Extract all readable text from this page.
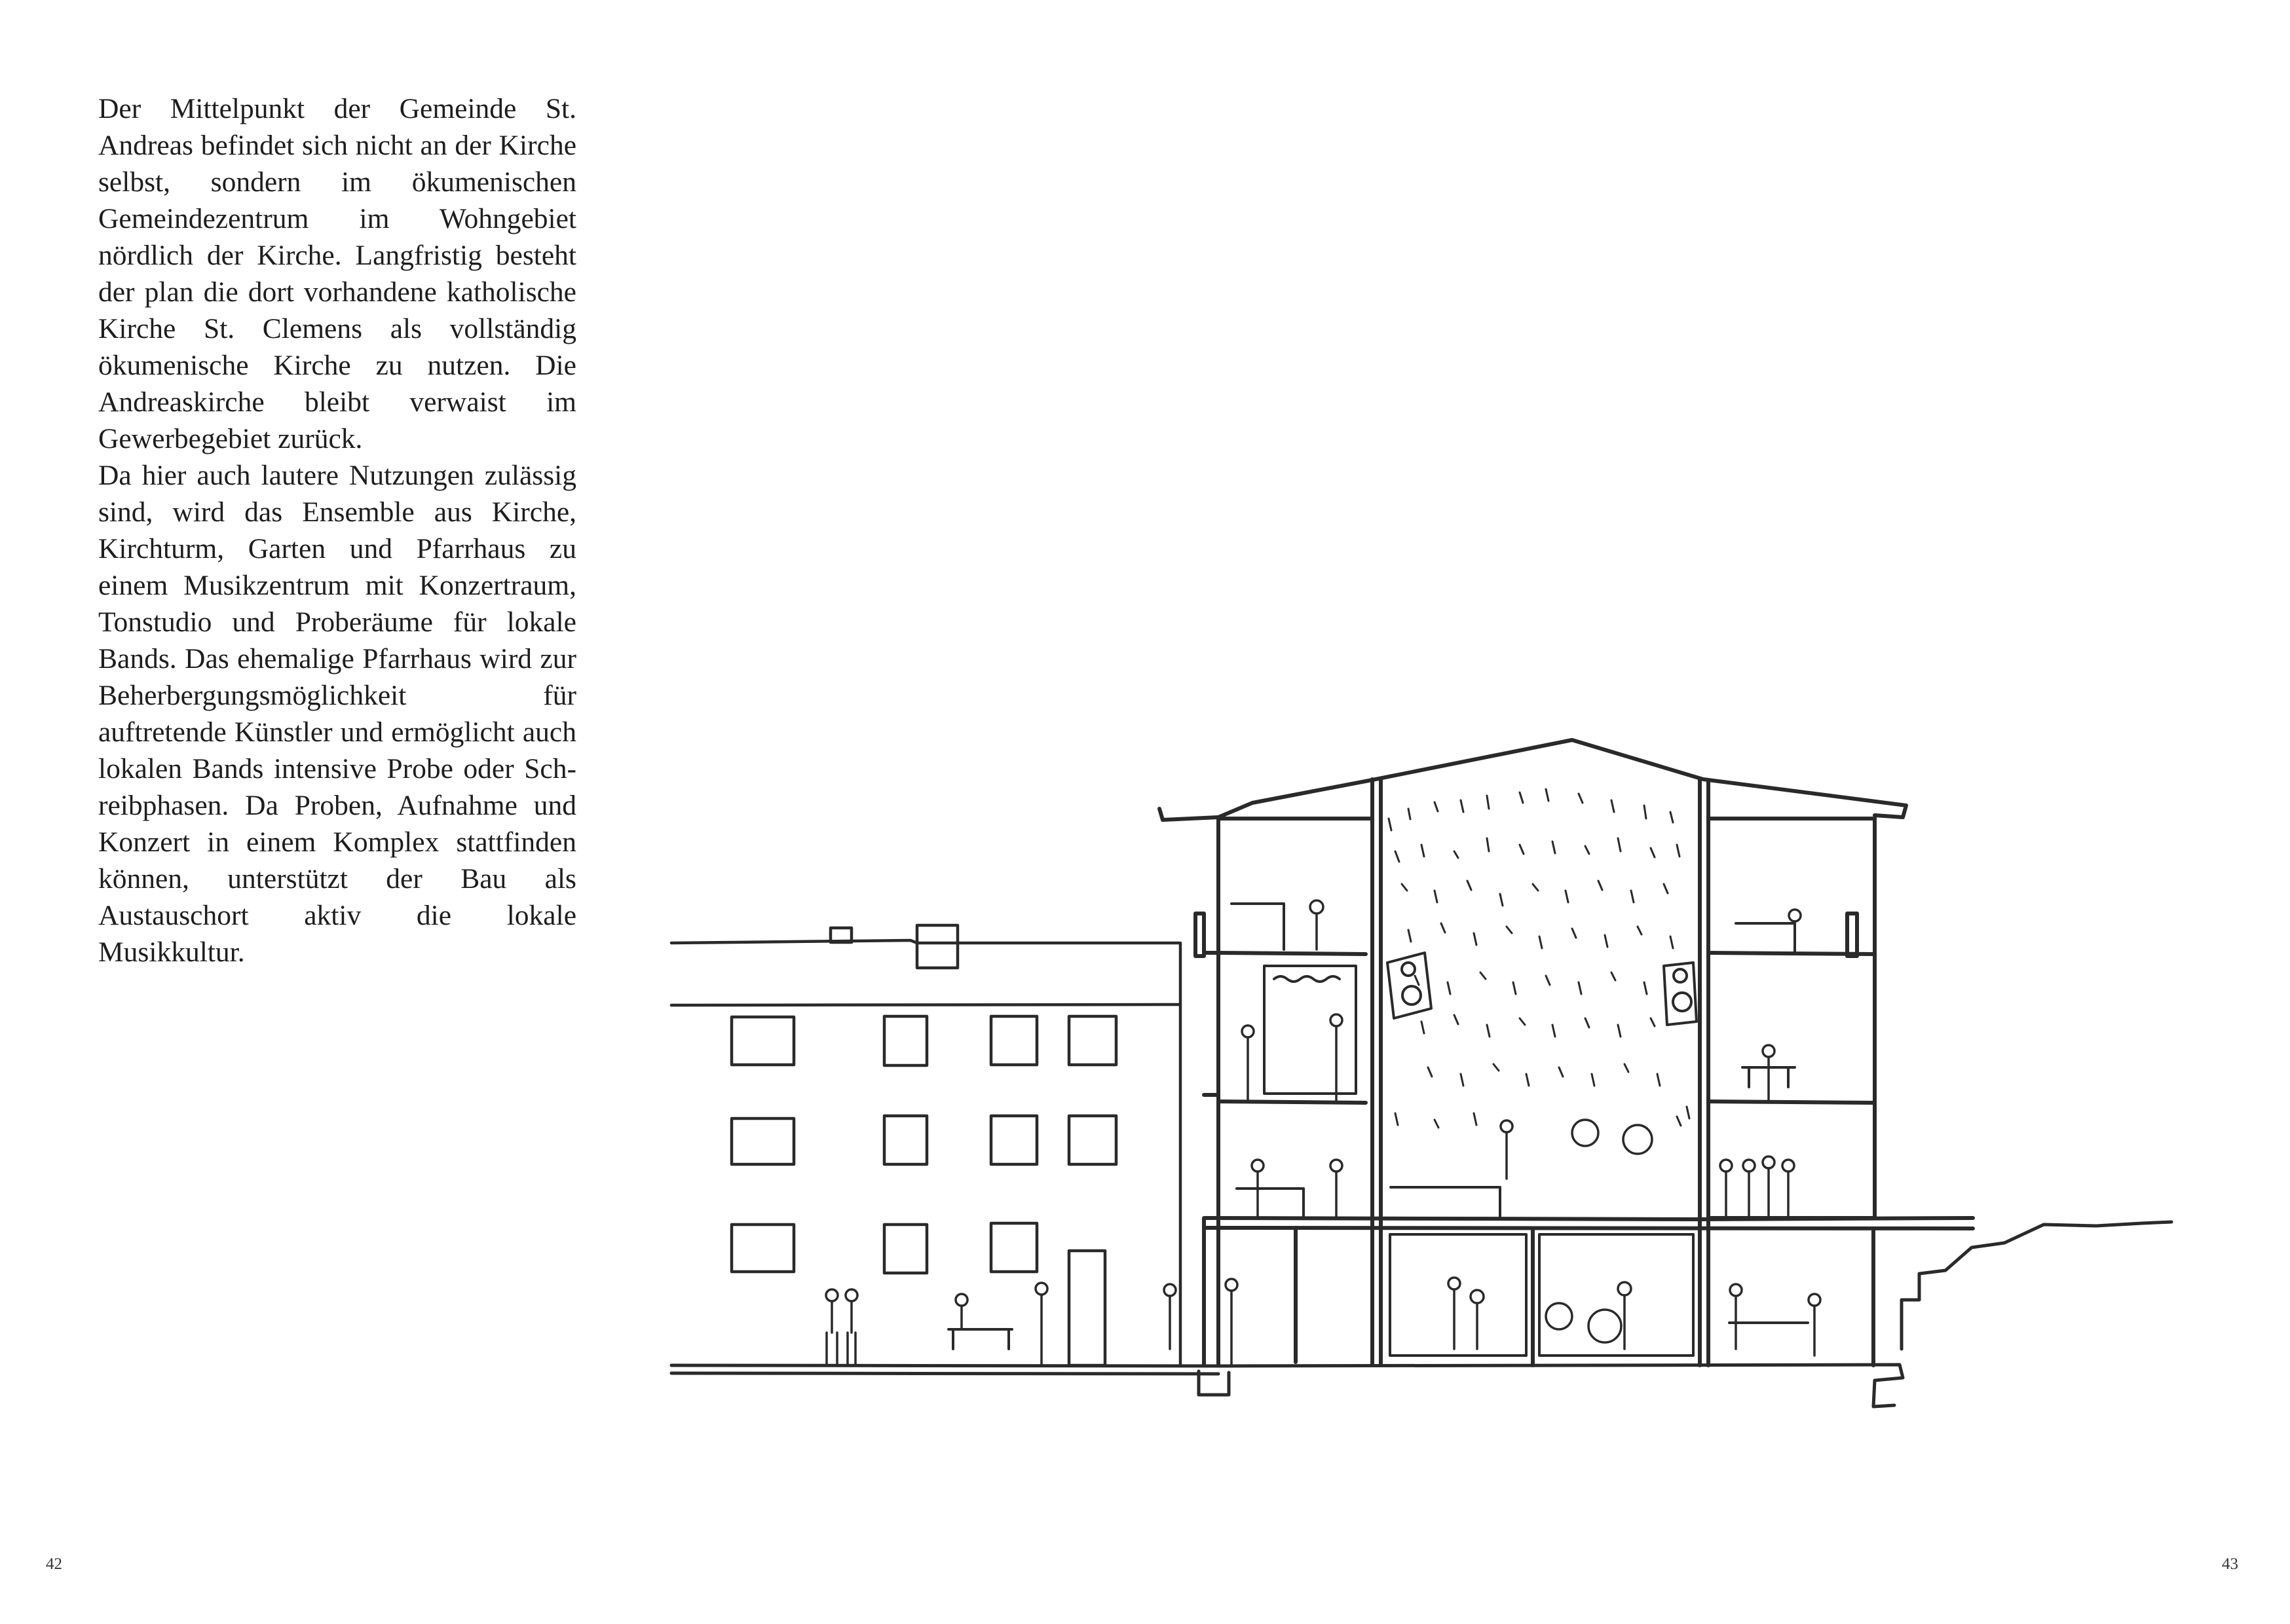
Der Mittelpunkt der Gemeinde St. Andreas befindet sich nicht an der Kirche selbst, sondern im ökumenischen Gemeindezentrum im Wohngebiet nördlich der Kirche. Langfristig besteht der plan die dort vorhandene katholische Kirche St. Clemens als vollständig ökumenische Kirche zu nutzen. Die Andreaskirche bleibt verwaist im Gewerbegebiet zurück.

Da hier auch lautere Nutzungen zulässig sind, wird das Ensemble aus Kirche, Kirchturm, Garten und Pfarrhaus zu einem Musikzentrum mit Konzertraum, Tonstudio und Proberäume für lokale Bands. Das ehemalige Pfarrhaus wird zur Beherbergungsmöglichkeit für auftretende Künstler und ermöglicht auch lokalen Bands intensive Probe oder Schreibphasen. Da Proben, Aufnahme und Konzert in einem Komplex stattfinden können, unterstützt der Bau als Austauschort aktiv die lokale Musikkultur.

42	43
